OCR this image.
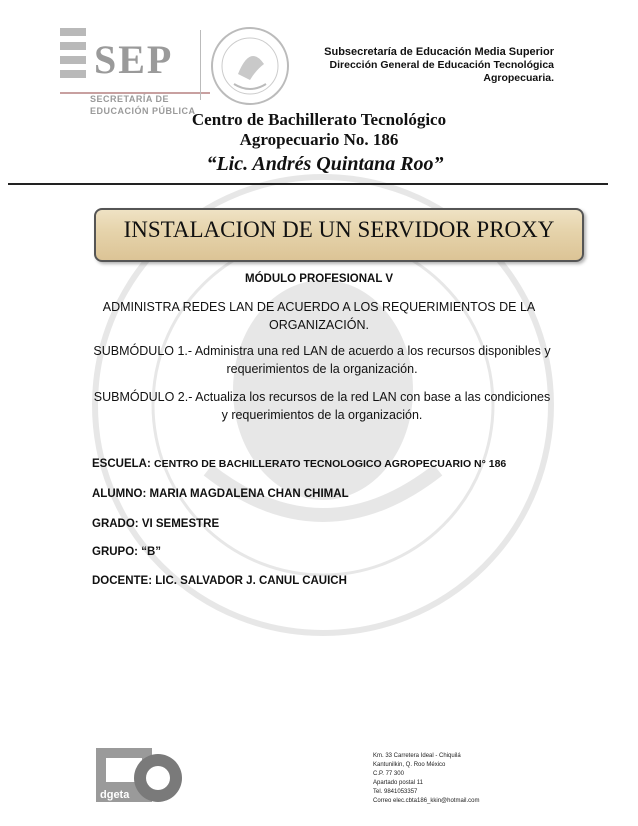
SEP
SECRETARÍA DE
EDUCACIÓN PÚBLICA
Subsecretaría de Educación Media Superior
Dirección General de Educación Tecnológica
Agropecuaria.
Centro de Bachillerato Tecnológico
Agropecuario No. 186
“Lic. Andrés Quintana Roo”
INSTALACION DE UN SERVIDOR PROXY
MÓDULO PROFESIONAL V
ADMINISTRA REDES LAN DE ACUERDO A LOS REQUERIMIENTOS DE LA ORGANIZACIÓN.
SUBMÓDULO 1.- Administra una red LAN de acuerdo a los recursos disponibles y requerimientos de la organización.
SUBMÓDULO 2.- Actualiza los recursos de la red LAN con base a las condiciones y requerimientos de la organización.
ESCUELA: CENTRO DE BACHILLERATO TECNOLOGICO AGROPECUARIO N° 186
ALUMNO: MARIA MAGDALENA CHAN CHIMAL
GRADO: VI SEMESTRE
GRUPO: “B”
DOCENTE: LIC. SALVADOR J. CANUL CAUICH
dgeta
Km. 33 Carretera Ideal - Chiquilá
Kantunilkin, Q. Roo México
C.P. 77 300
Apartado postal 11
Tel. 9841053357
Correo elec.cbta186_kkin@hotmail.com
